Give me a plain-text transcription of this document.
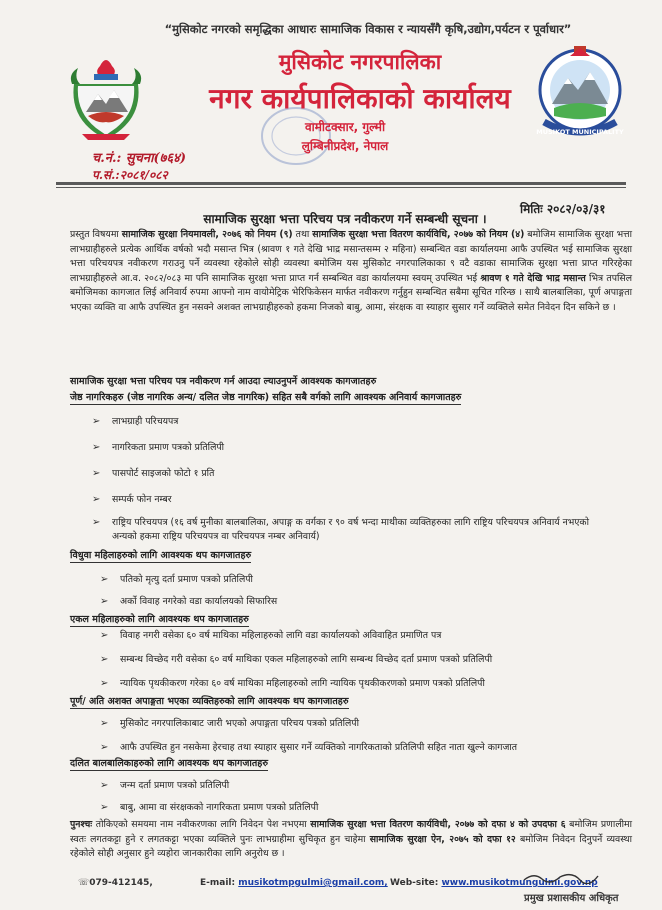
MUSIKOT MUNICIPALITY
“मुसिकोट नगरको समृद्धिका आधारः सामाजिक विकास र न्यायसँगै कृषि,उद्योग,पर्यटन र पूर्वाधार”
मुसिकोट नगरपालिका
नगर कार्यपालिकाको कार्यालय
वामीटक्सार, गुल्मी
लुम्बिनीप्रदेश, नेपाल
च.नं.: सुचना(७६४)
प.सं.:२०८१/०८२
मितिः २०८२/०३/३१
सामाजिक सुरक्षा भत्ता परिचय पत्र नवीकरण गर्ने सम्बन्धी सूचना ।
प्रस्तुत विषयमा सामाजिक सुरक्षा नियमावली, २०७६ को नियम (९) तथा सामाजिक सुरक्षा भत्ता वितरण कार्यविधि, २०७७ को नियम (४) बमोजिम सामाजिक सुरक्षा भत्ता लाभग्राहीहरुले प्रत्येक आर्थिक वर्षको भदौ मसान्त भित्र (श्रावण १ गते देखि भाद्र मसान्तसम्म २ महिना) सम्बन्धित वडा कार्यालयमा आफै उपस्थित भई सामाजिक सुरक्षा भत्ता परिचयपत्र नवीकरण गराउनु पर्ने व्यवस्था रहेकोले सोही व्यवस्था बमोजिम यस मुसिकोट नगरपालिकाका ९ वटै वडाका सामाजिक सुरक्षा भत्ता प्राप्त गरिरहेका लाभग्राहीहरुले आ.व. २०८२/०८३ मा पनि सामाजिक सुरक्षा भत्ता प्राप्त गर्न सम्बन्धित वडा कार्यालयमा स्वयम् उपस्थित भई श्रावण १ गते देखि भाद्र मसान्त भित्र तपसिल बमोजिमका कागजात लिई अनिवार्य रुपमा आफ्नो नाम वायोमेट्रिक भेरिफिकेसन मार्फत नवीकरण गर्नुहुन सम्बन्धित सबैमा सूचित गरिन्छ । साथै बालबालिका, पूर्ण अपाङ्गता भएका व्यक्ति वा आफै उपस्थित हुन नसक्ने अशक्त लाभग्राहीहरुको हकमा निजको बाबु, आमा, संरक्षक वा स्याहार सुसार गर्ने व्यक्तिले समेत निवेदन दिन सकिने छ ।
सामाजिक सुरक्षा भत्ता परिचय पत्र नवीकरण गर्न आउदा ल्याउनुपर्ने आवश्यक कागजातहरु
जेष्ठ नागरिकहरु (जेष्ठ नागरिक अन्य/ दलित जेष्ठ नागरिक) सहित सबै वर्गको लागि आवश्यक अनिवार्य कागजातहरु
➢ लाभग्राही परिचयपत्र
➢ नागरिकता प्रमाण पत्रको प्रतिलिपी
➢ पासपोर्ट साइजको फोटो १ प्रति
➢ सम्पर्क फोन नम्बर
➢ राष्ट्रिय परिचयपत्र (१६ वर्ष मुनीका बालबालिका, अपाङ्ग क वर्गका र ९० वर्ष भन्दा माथीका व्यक्तिहरुका लागि राष्ट्रिय परिचयपत्र अनिवार्य नभएको अन्यको हकमा राष्ट्रिय परिचयपत्र वा परिचयपत्र नम्बर अनिवार्य)
विधुवा महिलाहरुको लागि आवश्यक थप कागजातहरु
➢ पतिको मृत्यु दर्ता प्रमाण पत्रको प्रतिलिपी
➢ अर्को विवाह नगरेको वडा कार्यालयको सिफारिस
एकल महिलाहरुको लागि आवश्यक थप कागजातहरु
➢ विवाह नगरी वसेका ६० वर्ष माथिका महिलाहरुको लागि वडा कार्यालयको अविवाहित प्रमाणित पत्र
➢ सम्बन्ध विच्छेद गरी वसेका ६० वर्ष माथिका एकल महिलाहरुको लागि सम्बन्ध विच्छेद दर्ता प्रमाण पत्रको प्रतिलिपी
➢ न्यायिक पृथकीकरण गरेका ६० वर्ष माथिका महिलाहरुको लागि न्यायिक पृथकीकरणको प्रमाण पत्रको प्रतिलिपी
पूर्ण/ अति अशक्त अपाङ्गता भएका व्यक्तिहरुको लागि आवश्यक थप कागजातहरु
➢ मुसिकोट नगरपालिकाबाट जारी भएको अपाङ्गता परिचय पत्रको प्रतिलिपी
➢ आफै उपस्थित हुन नसकेमा हेरचाह तथा स्याहार सुसार गर्ने व्यक्तिको नागरिकताको प्रतिलिपी सहित नाता खुल्ने कागजात
दलित बालबालिकाहरुको लागि आवश्यक थप कागजातहरु
➢ जन्म दर्ता प्रमाण पत्रको प्रतिलिपी
➢ बाबु, आमा वा संरक्षकको नागरिकता प्रमाण पत्रको प्रतिलिपी
पुनश्चः तोकिएको समयमा नाम नवीकरणका लागि निवेदन पेश नभएमा सामाजिक सुरक्षा भत्ता वितरण कार्यविधी, २०७७ को दफा ४ को उपदफा ६ बमोजिम प्रणालीमा स्वतः लगतकट्टा हुने र लगतकट्टा भएका व्यक्तिले पुनः लाभग्राहीमा सुचिकृत हुन चाहेमा सामाजिक सुरक्षा ऐन, २०७५ को दफा १२ बमोजिम निवेदन दिनुपर्ने व्यवस्था रहेकोले सोही अनुसार हुने व्यहोरा जानकारीका लागि अनुरोध छ ।
☏079-412145,	E-mail: musikotmpgulmi@gmail.com, Web-site: www.musikotmungulmi.gov.np
प्रमुख प्रशासकीय अधिकृत
